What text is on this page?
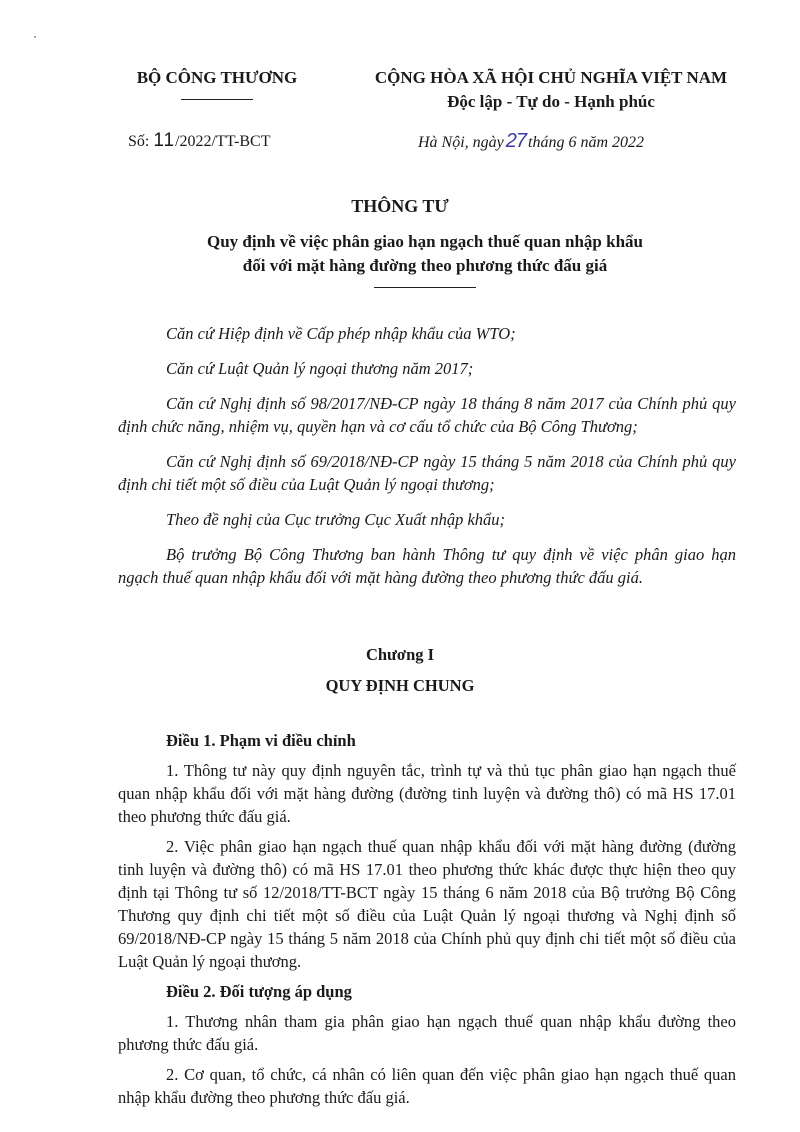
BỘ CÔNG THƯƠNG	CỘNG HÒA XÃ HỘI CHỦ NGHĨA VIỆT NAM
Độc lập - Tự do - Hạnh phúc
Số: 11/2022/TT-BCT	Hà Nội, ngày 27 tháng 6 năm 2022
THÔNG TƯ
Quy định về việc phân giao hạn ngạch thuế quan nhập khẩu
đối với mặt hàng đường theo phương thức đấu giá

Căn cứ Hiệp định về Cấp phép nhập khẩu của WTO;

Căn cứ Luật Quản lý ngoại thương năm 2017;

Căn cứ Nghị định số 98/2017/NĐ-CP ngày 18 tháng 8 năm 2017 của Chính phủ quy định chức năng, nhiệm vụ, quyền hạn và cơ cấu tổ chức của Bộ Công Thương;

Căn cứ Nghị định số 69/2018/NĐ-CP ngày 15 tháng 5 năm 2018 của Chính phủ quy định chi tiết một số điều của Luật Quản lý ngoại thương;

Theo đề nghị của Cục trưởng Cục Xuất nhập khẩu;

Bộ trưởng Bộ Công Thương ban hành Thông tư quy định về việc phân giao hạn ngạch thuế quan nhập khẩu đối với mặt hàng đường theo phương thức đấu giá.

Chương I
QUY ĐỊNH CHUNG

Điều 1. Phạm vi điều chỉnh

1. Thông tư này quy định nguyên tắc, trình tự và thủ tục phân giao hạn ngạch thuế quan nhập khẩu đối với mặt hàng đường (đường tinh luyện và đường thô) có mã HS 17.01 theo phương thức đấu giá.

2. Việc phân giao hạn ngạch thuế quan nhập khẩu đối với mặt hàng đường (đường tinh luyện và đường thô) có mã HS 17.01 theo phương thức khác được thực hiện theo quy định tại Thông tư số 12/2018/TT-BCT ngày 15 tháng 6 năm 2018 của Bộ trưởng Bộ Công Thương quy định chi tiết một số điều của Luật Quản lý ngoại thương và Nghị định số 69/2018/NĐ-CP ngày 15 tháng 5 năm 2018 của Chính phủ quy định chi tiết một số điều của Luật Quản lý ngoại thương.

Điều 2. Đối tượng áp dụng

1. Thương nhân tham gia phân giao hạn ngạch thuế quan nhập khẩu đường theo phương thức đấu giá.

2. Cơ quan, tổ chức, cá nhân có liên quan đến việc phân giao hạn ngạch thuế quan nhập khẩu đường theo phương thức đấu giá.
